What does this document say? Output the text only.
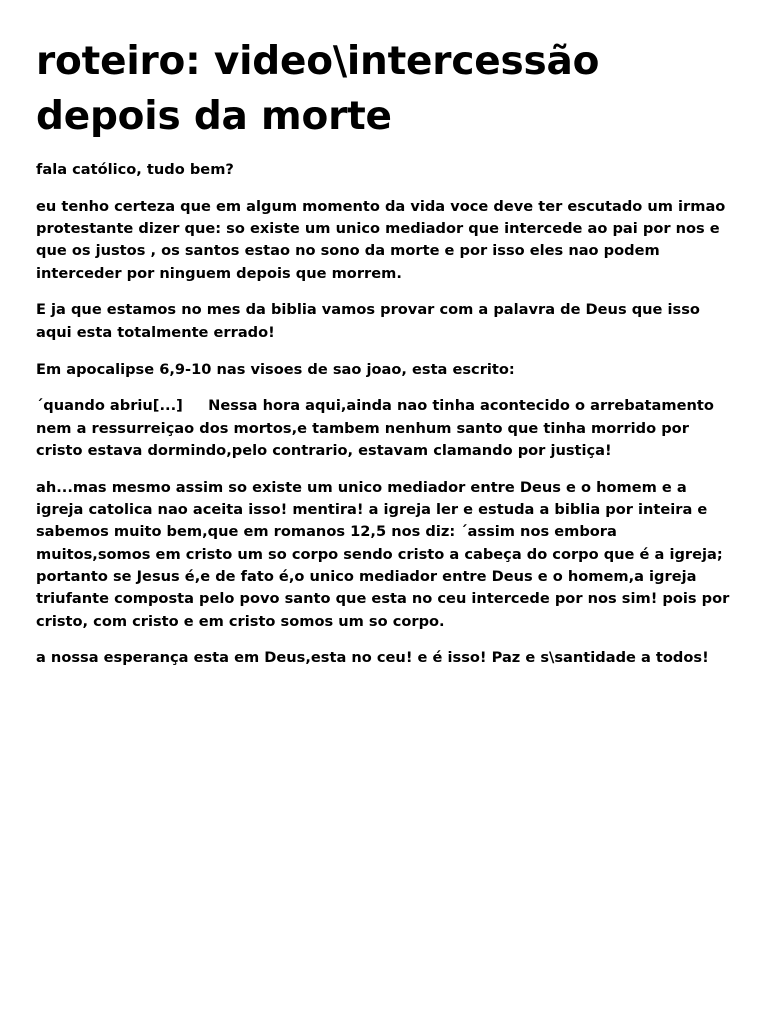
roteiro: video\intercessão depois da morte

fala católico, tudo bem?

eu tenho certeza que em algum momento da vida voce deve ter escutado um irmao protestante dizer que: so existe um unico mediador que intercede ao pai por nos e que os justos , os santos estao no sono da morte e por isso eles nao podem interceder por ninguem depois que morrem.

E ja que estamos no mes da biblia vamos provar com a palavra de Deus que isso aqui esta totalmente errado!

Em apocalipse 6,9-10 nas visoes de sao joao, esta escrito:

´quando abriu[...]     Nessa hora aqui,ainda nao tinha acontecido o arrebatamento nem a ressurreiçao dos mortos,e tambem nenhum santo que tinha morrido por cristo estava dormindo,pelo contrario, estavam clamando por justiça!

ah...mas mesmo assim so existe um unico mediador entre Deus e o homem e a igreja catolica nao aceita isso! mentira! a igreja ler e estuda a biblia por inteira e sabemos muito bem,que em romanos 12,5 nos diz: ´assim nos embora muitos,somos em cristo um so corpo sendo cristo a cabeça do corpo que é a igreja;   portanto se Jesus é,e de fato é,o unico mediador entre Deus e o homem,a igreja triufante composta pelo povo santo que esta no ceu intercede por nos sim! pois por cristo, com cristo e em cristo somos um so corpo.

a nossa esperança esta em Deus,esta no ceu! e é isso! Paz e s\santidade a todos!
